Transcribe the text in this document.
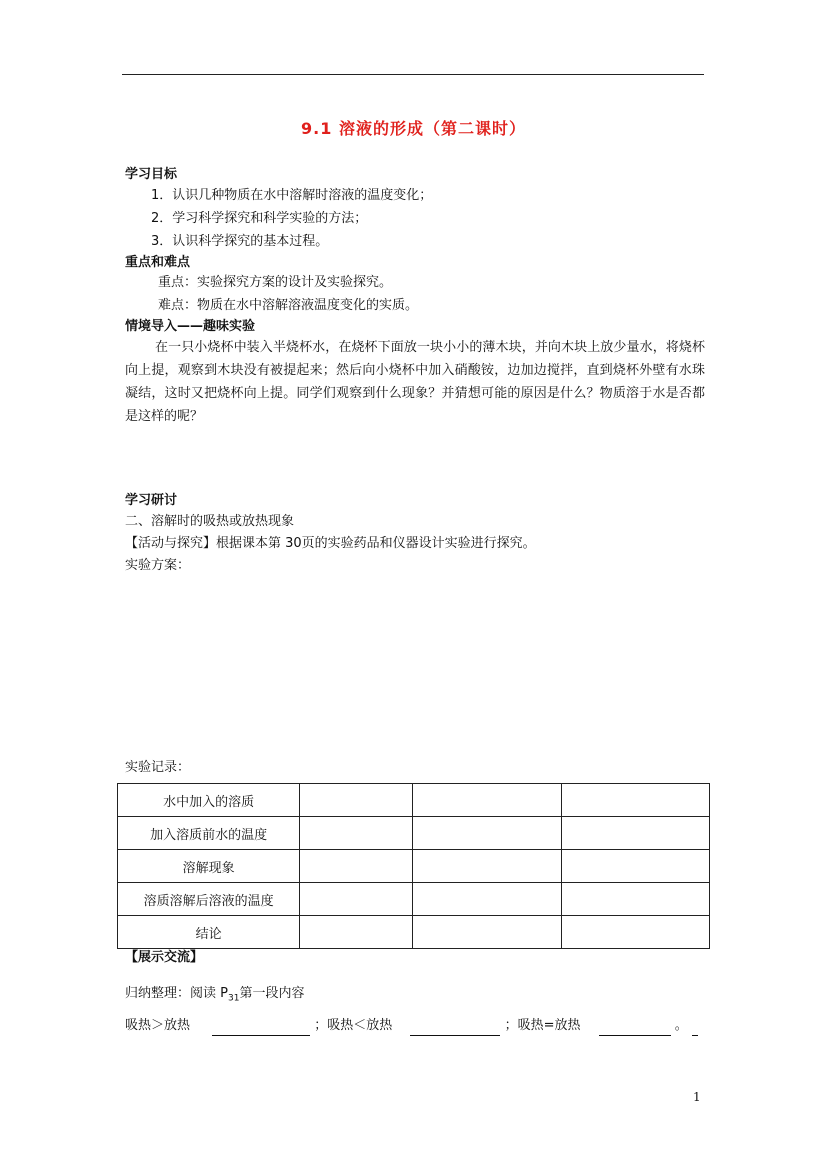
9.1 溶液的形成（第二课时）
学习目标
1．认识几种物质在水中溶解时溶液的温度变化；
2．学习科学探究和科学实验的方法；
3．认识科学探究的基本过程。
重点和难点
重点：实验探究方案的设计及实验探究。
难点：物质在水中溶解溶液温度变化的实质。
情境导入——趣味实验
在一只小烧杯中装入半烧杯水，在烧杯下面放一块小小的薄木块，并向木块上放少量水，将烧杯向上提，观察到木块没有被提起来；然后向小烧杯中加入硝酸铵，边加边搅拌，直到烧杯外壁有水珠凝结，这时又把烧杯向上提。同学们观察到什么现象？并猜想可能的原因是什么？物质溶于水是否都是这样的呢？
学习研讨
二、溶解时的吸热或放热现象
【活动与探究】根据课本第 30页的实验药品和仪器设计实验进行探究。
实验方案：
实验记录：
水中加入的溶质			
加入溶质前水的温度			
溶解现象			
溶质溶解后溶液的温度			
结论			
【展示交流】
归纳整理：阅读 $P_{31}$第一段内容
吸热＞放热	；吸热＜放热	；吸热=放热	。
1
